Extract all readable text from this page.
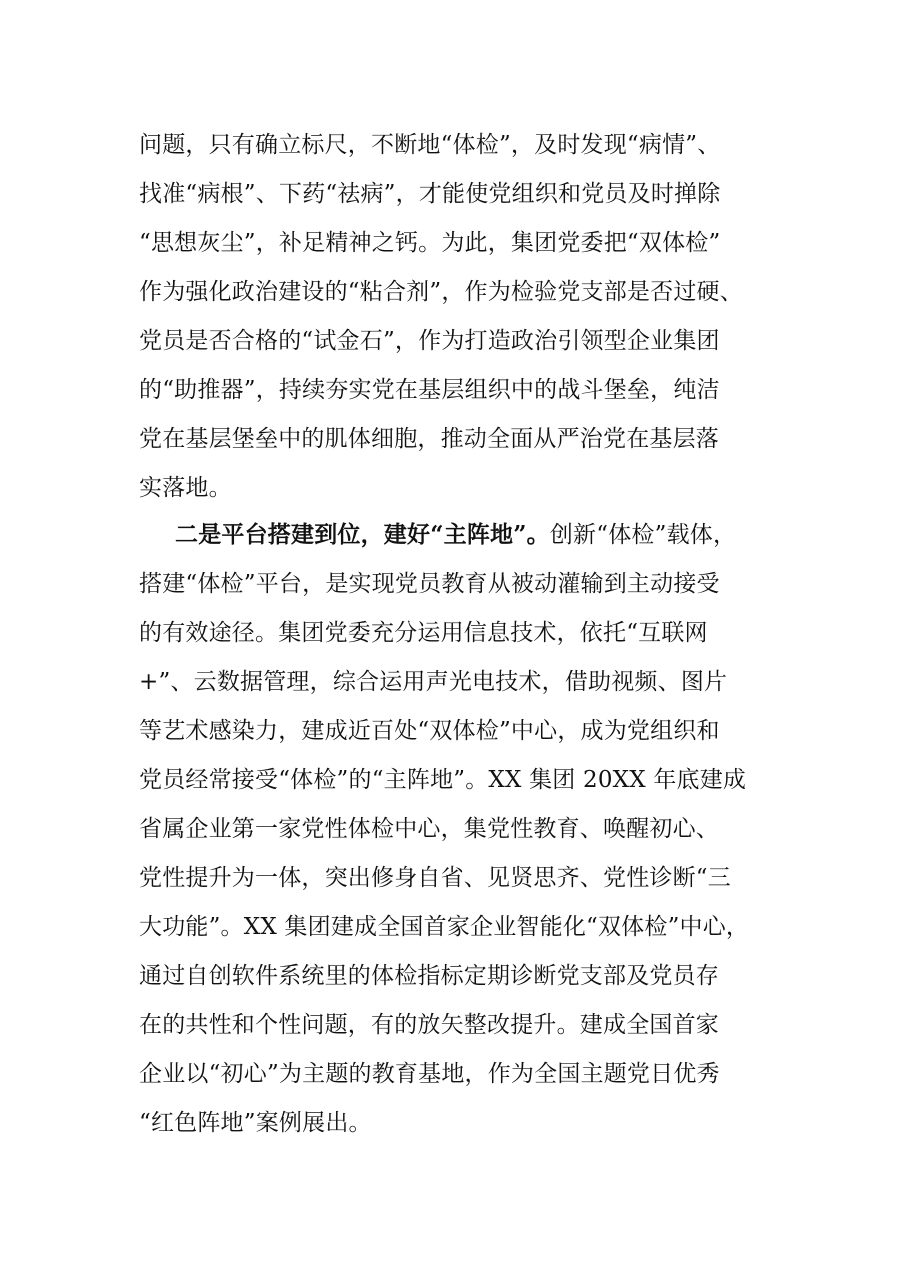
问题，只有确立标尺，不断地“体检”，及时发现“病情”、
找准“病根”、下药“祛病”，才能使党组织和党员及时掸除
“思想灰尘”，补足精神之钙。为此，集团党委把“双体检”
作为强化政治建设的“粘合剂”，作为检验党支部是否过硬、
党员是否合格的“试金石”，作为打造政治引领型企业集团
的“助推器”，持续夯实党在基层组织中的战斗堡垒，纯洁
党在基层堡垒中的肌体细胞，推动全面从严治党在基层落
实落地。
二是平台搭建到位，建好“主阵地”。创新“体检”载体，
搭建“体检”平台，是实现党员教育从被动灌输到主动接受
的有效途径。集团党委充分运用信息技术，依托“互联网
+”、云数据管理，综合运用声光电技术，借助视频、图片
等艺术感染力，建成近百处“双体检”中心，成为党组织和
党员经常接受“体检”的“主阵地”。XX 集团 20XX 年底建成
省属企业第一家党性体检中心，集党性教育、唤醒初心、
党性提升为一体，突出修身自省、见贤思齐、党性诊断“三
大功能”。XX 集团建成全国首家企业智能化“双体检”中心，
通过自创软件系统里的体检指标定期诊断党支部及党员存
在的共性和个性问题，有的放矢整改提升。建成全国首家
企业以“初心”为主题的教育基地，作为全国主题党日优秀
“红色阵地”案例展出。
